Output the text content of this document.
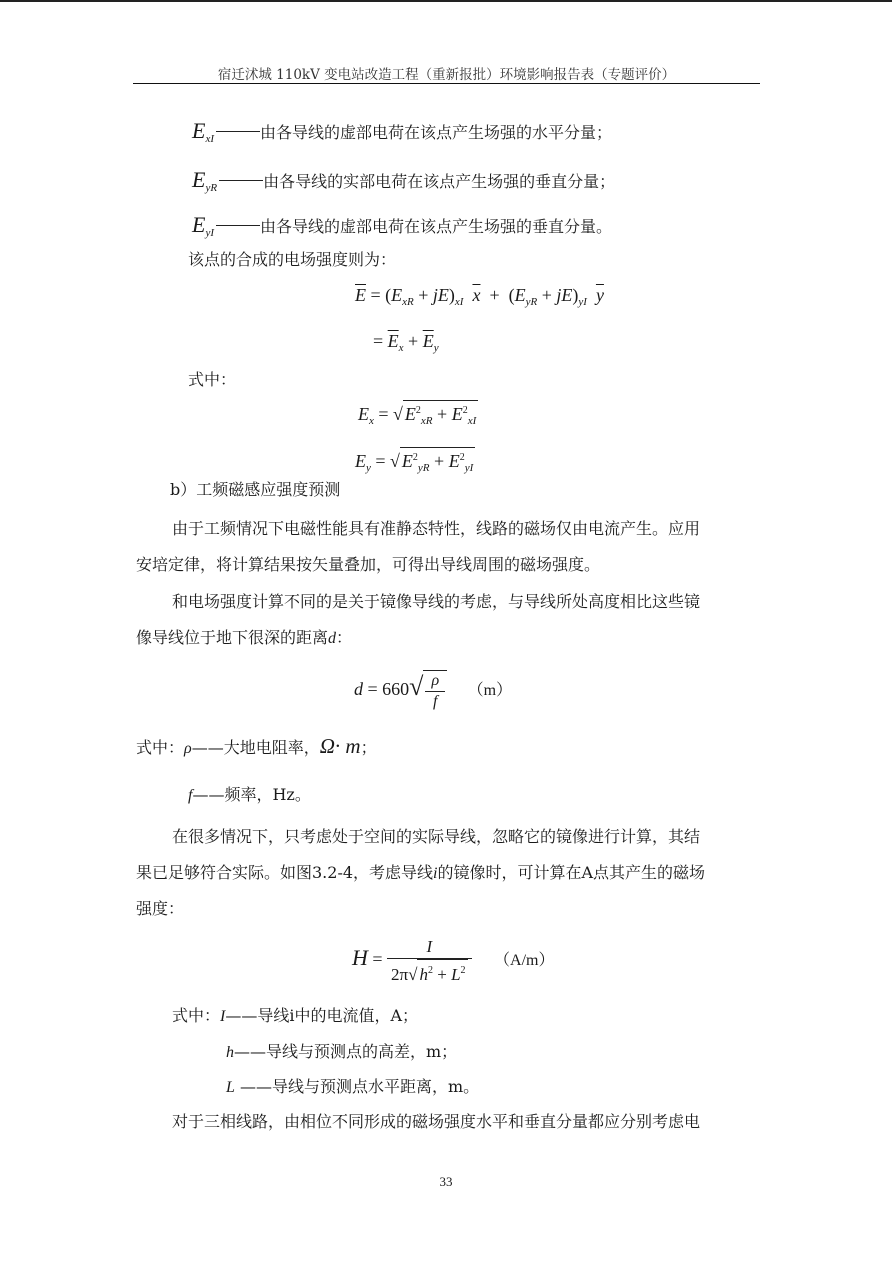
宿迁沭城 110kV 变电站改造工程（重新报批）环境影响报告表（专题评价）
$E_{xI}$	由各导线的虚部电荷在该点产生场强的水平分量；
$E_{yR}$	由各导线的实部电荷在该点产生场强的垂直分量；
$E_{yI}$	由各导线的虚部电荷在该点产生场强的垂直分量。
该点的合成的电场强度则为：
$\overline{E} = (E_{xR} + jE)_{xI}$ $\overline{x} + (E_{yR} + jE)_{yI}$ $\overline{y}$
= $\overline{E}_x + \overline{E}_y$
式中：
$E_x$ = √ $E^2_{xR} + E^2_{xI}$
$E_y$ = √ $E^2_{yR} + E^2_{yI}$
b）工频磁感应强度预测
由于工频情况下电磁性能具有准静态特性，线路的磁场仅由电流产生。应用
安培定律，将计算结果按矢量叠加，可得出导线周围的磁场强度。
和电场强度计算不同的是关于镜像导线的考虑，与导线所处高度相比这些镜
像导线位于地下很深的距离d：
$d = 660√ \frac{\rho}{f} (m)$
式中：ρ——大地电阻率，Ω· m；
f——频率，Hz。
在很多情况下，只考虑处于空间的实际导线，忽略它的镜像进行计算，其结
果已足够符合实际。如图3.2-4，考虑导线i的镜像时，可计算在A点其产生的磁场
强度：
$H = \frac{I}{2\pi√ h^2 + L^2} (A/m)$
式中：I——导线i中的电流值，A；
h——导线与预测点的高差，m；
L ——导线与预测点水平距离，m。
对于三相线路，由相位不同形成的磁场强度水平和垂直分量都应分别考虑电
33
